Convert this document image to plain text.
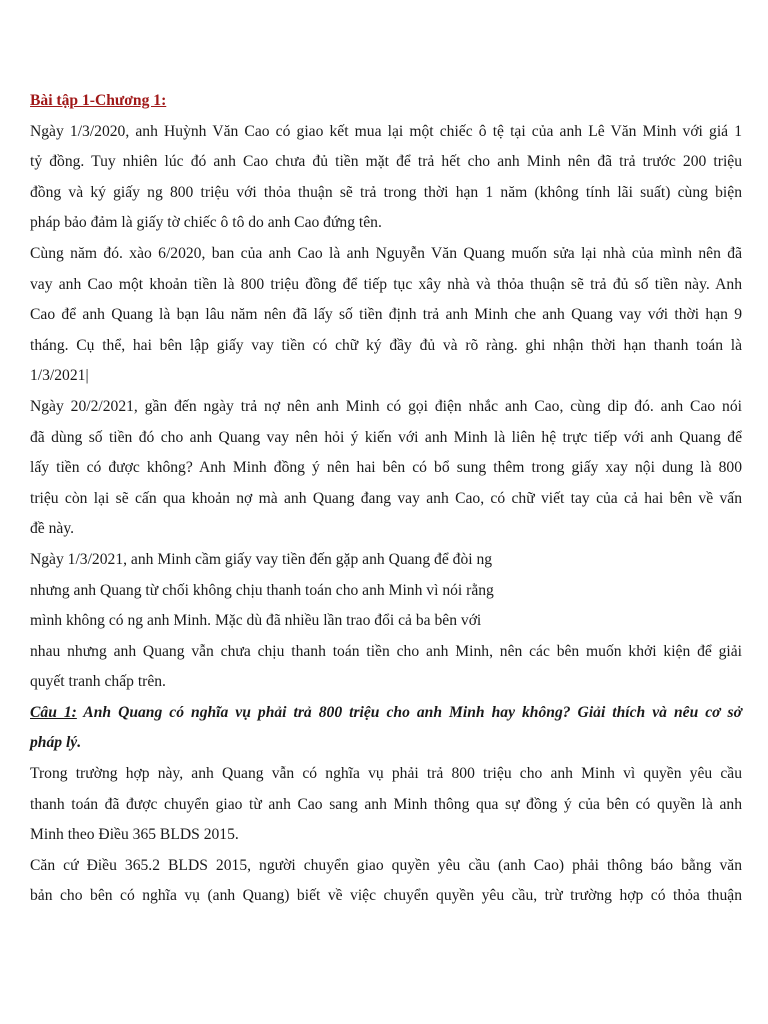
Bài tập 1-Chương 1:
Ngày 1/3/2020, anh Huỳnh Văn Cao có giao kết mua lại một chiếc ô tệ tại của anh Lê Văn Minh với giá 1
tỷ đồng. Tuy nhiên lúc đó anh Cao chưa đủ tiền mặt để trả hết cho anh Minh nên đã trả trước 200 triệu
đồng và ký giấy ng 800 triệu với thỏa thuận sẽ trả trong thời hạn 1 năm (không tính lãi suất) cùng biện
pháp bảo đảm là giấy tờ chiếc ô tô do anh Cao đứng tên.
Cùng năm đó. xào 6/2020, ban của anh Cao là anh Nguyễn Văn Quang muốn sửa lại nhà của mình nên đã
vay anh Cao một khoản tiền là 800 triệu đồng để tiếp tục xây nhà và thỏa thuận sẽ trả đủ số tiền này. Anh
Cao để anh Quang là bạn lâu năm nên đã lấy số tiền định trả anh Minh che anh Quang vay với thời hạn 9
tháng. Cụ thể, hai bên lập giấy vay tiền có chữ ký đầy đủ và rõ ràng. ghi nhận thời hạn thanh toán là
1/3/2021|
Ngày 20/2/2021, gần đến ngày trả nợ nên anh Minh có gọi điện nhắc anh Cao, cùng dip đó. anh Cao nói
đã dùng số tiền đó cho anh Quang vay nên hỏi ý kiến với anh Minh là liên hệ trực tiếp với anh Quang để
lấy tiền có được không? Anh Minh đồng ý nên hai bên có bổ sung thêm trong giấy xay nội dung là 800
triệu còn lại sẽ cấn qua khoản nợ mà anh Quang đang vay anh Cao, có chữ viết tay của cả hai bên về vấn
đề này.
Ngày 1/3/2021, anh Minh cầm giấy vay tiền đến gặp anh Quang để đòi ng
nhưng anh Quang từ chối không chịu thanh toán cho anh Minh vì nói rằng
mình không có ng anh Minh. Mặc dù đã nhiều lần trao đổi cả ba bên với
nhau nhưng anh Quang vẫn chưa chịu thanh toán tiền cho anh Minh, nên các bên muốn khởi kiện để giải
quyết tranh chấp trên.
Câu 1: Anh Quang có nghĩa vụ phải trả 800 triệu cho anh Minh hay không? Giải thích và nêu cơ sở
pháp lý.
Trong trường hợp này, anh Quang vẫn có nghĩa vụ phải trả 800 triệu cho anh Minh vì quyền yêu cầu
thanh toán đã được chuyển giao từ anh Cao sang anh Minh thông qua sự đồng ý của bên có quyền là anh
Minh theo Điều 365 BLDS 2015.
Căn cứ Điều 365.2 BLDS 2015, người chuyển giao quyền yêu cầu (anh Cao) phải thông báo bằng văn
bản cho bên có nghĩa vụ (anh Quang) biết về việc chuyển quyền yêu cầu, trừ trường hợp có thỏa thuận
